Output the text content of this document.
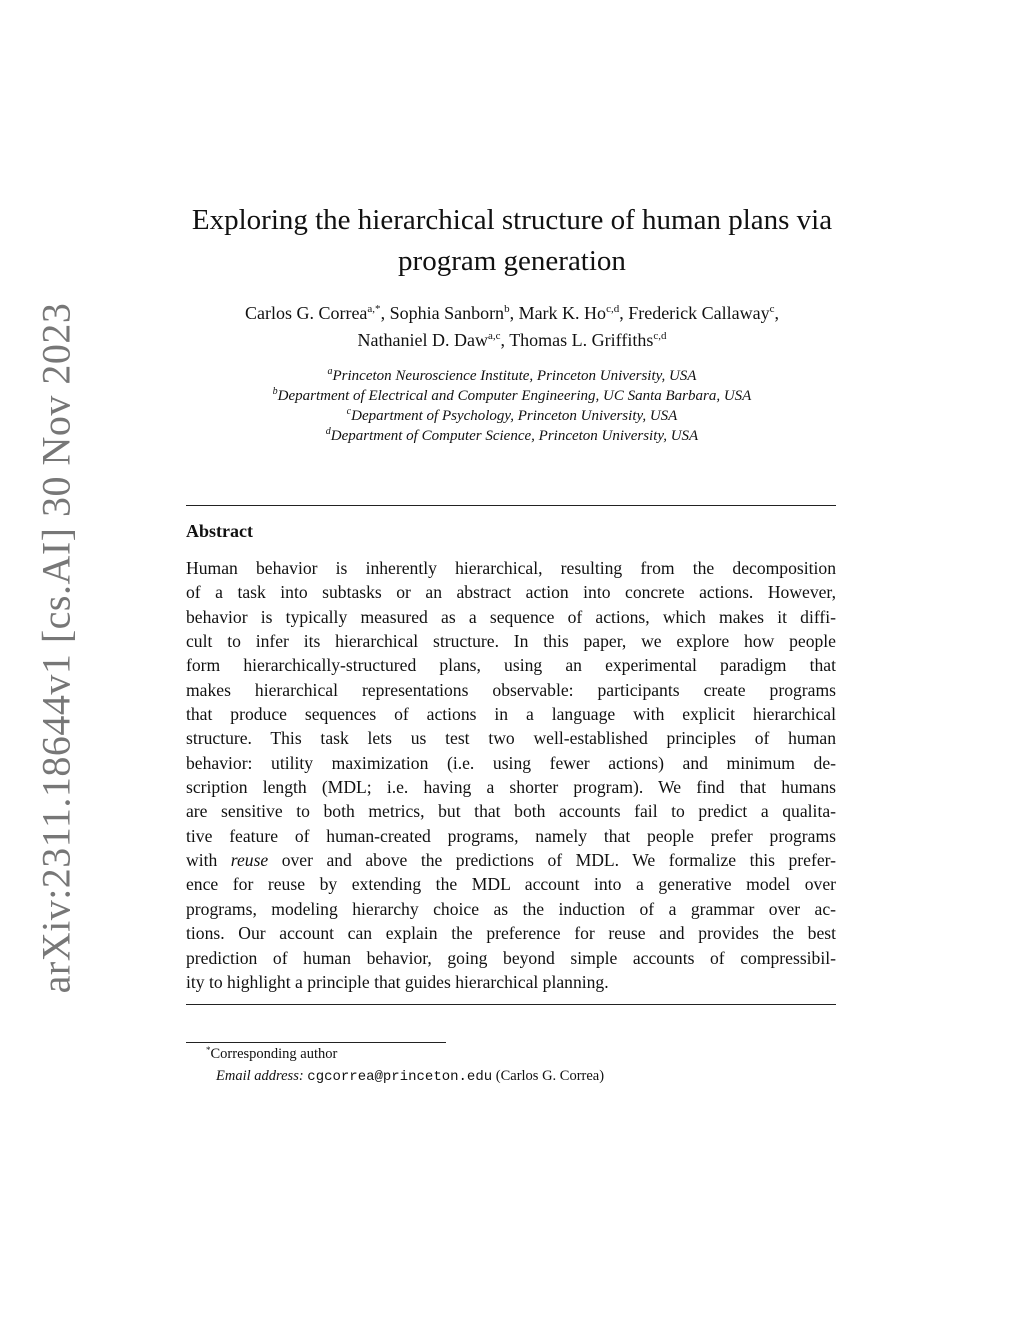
arXiv:2311.18644v1 [cs.AI] 30 Nov 2023
Exploring the hierarchical structure of human plans via
program generation
Carlos G. Correa$^{a,*}$, Sophia Sanborn$^b$, Mark K. Ho$^{c,d}$, Frederick Callaway$^c$,
Nathaniel D. Daw$^{a,c}$, Thomas L. Griffiths$^{c,d}$
$^a$Princeton Neuroscience Institute, Princeton University, USA
$^b$Department of Electrical and Computer Engineering, UC Santa Barbara, USA
$^c$Department of Psychology, Princeton University, USA
$^d$Department of Computer Science, Princeton University, USA
Abstract
Human behavior is inherently hierarchical, resulting from the decomposition
of a task into subtasks or an abstract action into concrete actions. However,
behavior is typically measured as a sequence of actions, which makes it diffi-
cult to infer its hierarchical structure. In this paper, we explore how people
form hierarchically-structured plans, using an experimental paradigm that
makes hierarchical representations observable: participants create programs
that produce sequences of actions in a language with explicit hierarchical
structure. This task lets us test two well-established principles of human
behavior: utility maximization (i.e. using fewer actions) and minimum de-
scription length (MDL; i.e. having a shorter program). We find that humans
are sensitive to both metrics, but that both accounts fail to predict a qualita-
tive feature of human-created programs, namely that people prefer programs
with reuse over and above the predictions of MDL. We formalize this prefer-
ence for reuse by extending the MDL account into a generative model over
programs, modeling hierarchy choice as the induction of a grammar over ac-
tions. Our account can explain the preference for reuse and provides the best
prediction of human behavior, going beyond simple accounts of compressibil-
ity to highlight a principle that guides hierarchical planning.
*Corresponding author
Email address: cgcorrea@princeton.edu (Carlos G. Correa)
